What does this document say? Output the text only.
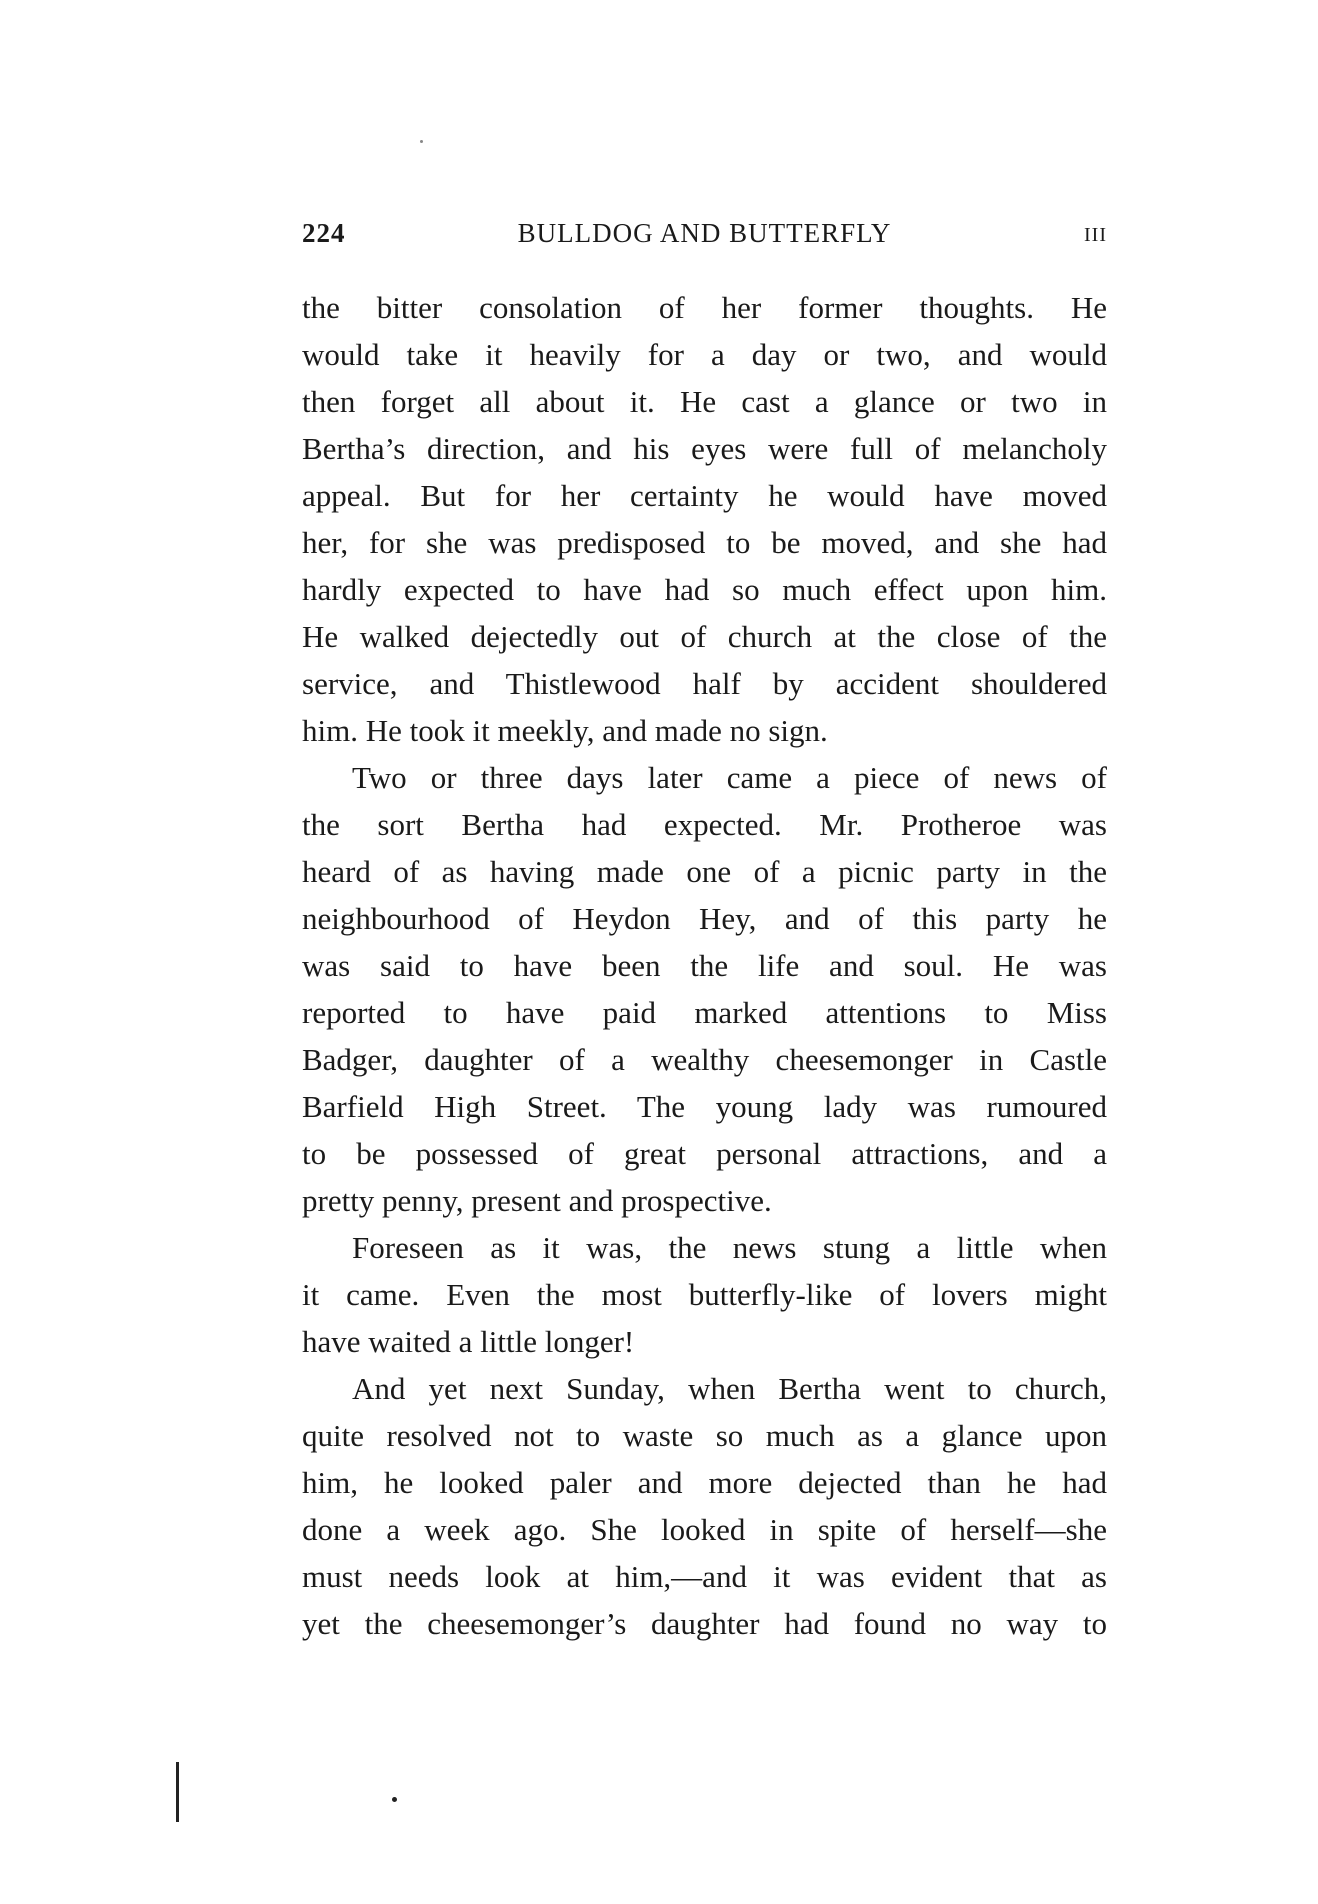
224	BULLDOG AND BUTTERFLY	III
the bitter consolation of her former thoughts. He
would take it heavily for a day or two, and would
then forget all about it. He cast a glance or two in
Bertha’s direction, and his eyes were full of melancholy
appeal. But for her certainty he would have moved
her, for she was predisposed to be moved, and she had
hardly expected to have had so much effect upon him.
He walked dejectedly out of church at the close of the
service, and Thistlewood half by accident shouldered
him. He took it meekly, and made no sign.
Two or three days later came a piece of news of
the sort Bertha had expected. Mr. Protheroe was
heard of as having made one of a picnic party in the
neighbourhood of Heydon Hey, and of this party he
was said to have been the life and soul. He was
reported to have paid marked attentions to Miss
Badger, daughter of a wealthy cheesemonger in Castle
Barfield High Street. The young lady was rumoured
to be possessed of great personal attractions, and a
pretty penny, present and prospective.
Foreseen as it was, the news stung a little when
it came. Even the most butterfly-like of lovers might
have waited a little longer!
And yet next Sunday, when Bertha went to church,
quite resolved not to waste so much as a glance upon
him, he looked paler and more dejected than he had
done a week ago. She looked in spite of herself—she
must needs look at him,—and it was evident that as
yet the cheesemonger’s daughter had found no way to
